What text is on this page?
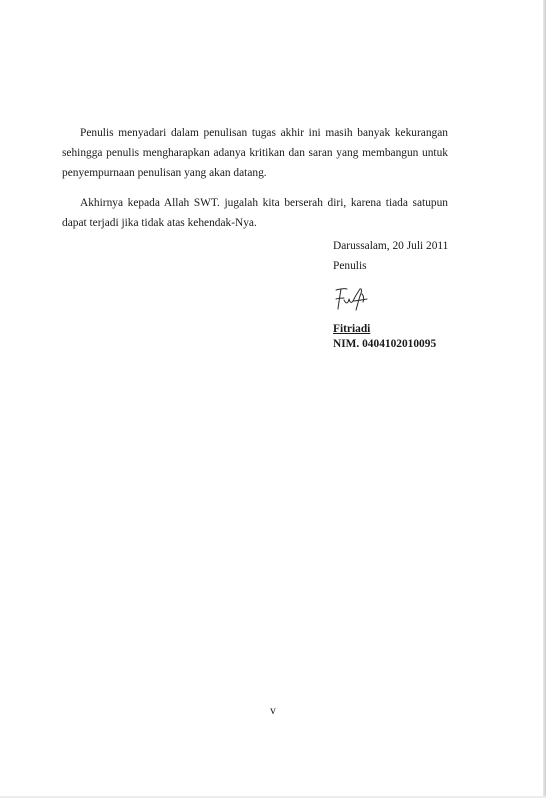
Penulis menyadari dalam penulisan tugas akhir ini masih banyak kekurangan sehingga penulis mengharapkan adanya kritikan dan saran yang membangun untuk penyempurnaan penulisan yang akan datang.

Akhirnya kepada Allah SWT. jugalah kita berserah diri, karena tiada satupun dapat terjadi jika tidak atas kehendak-Nya.

Darussalam, 20 Juli 2011
Penulis
Fitriadi
NIM. 0404102010095
v
